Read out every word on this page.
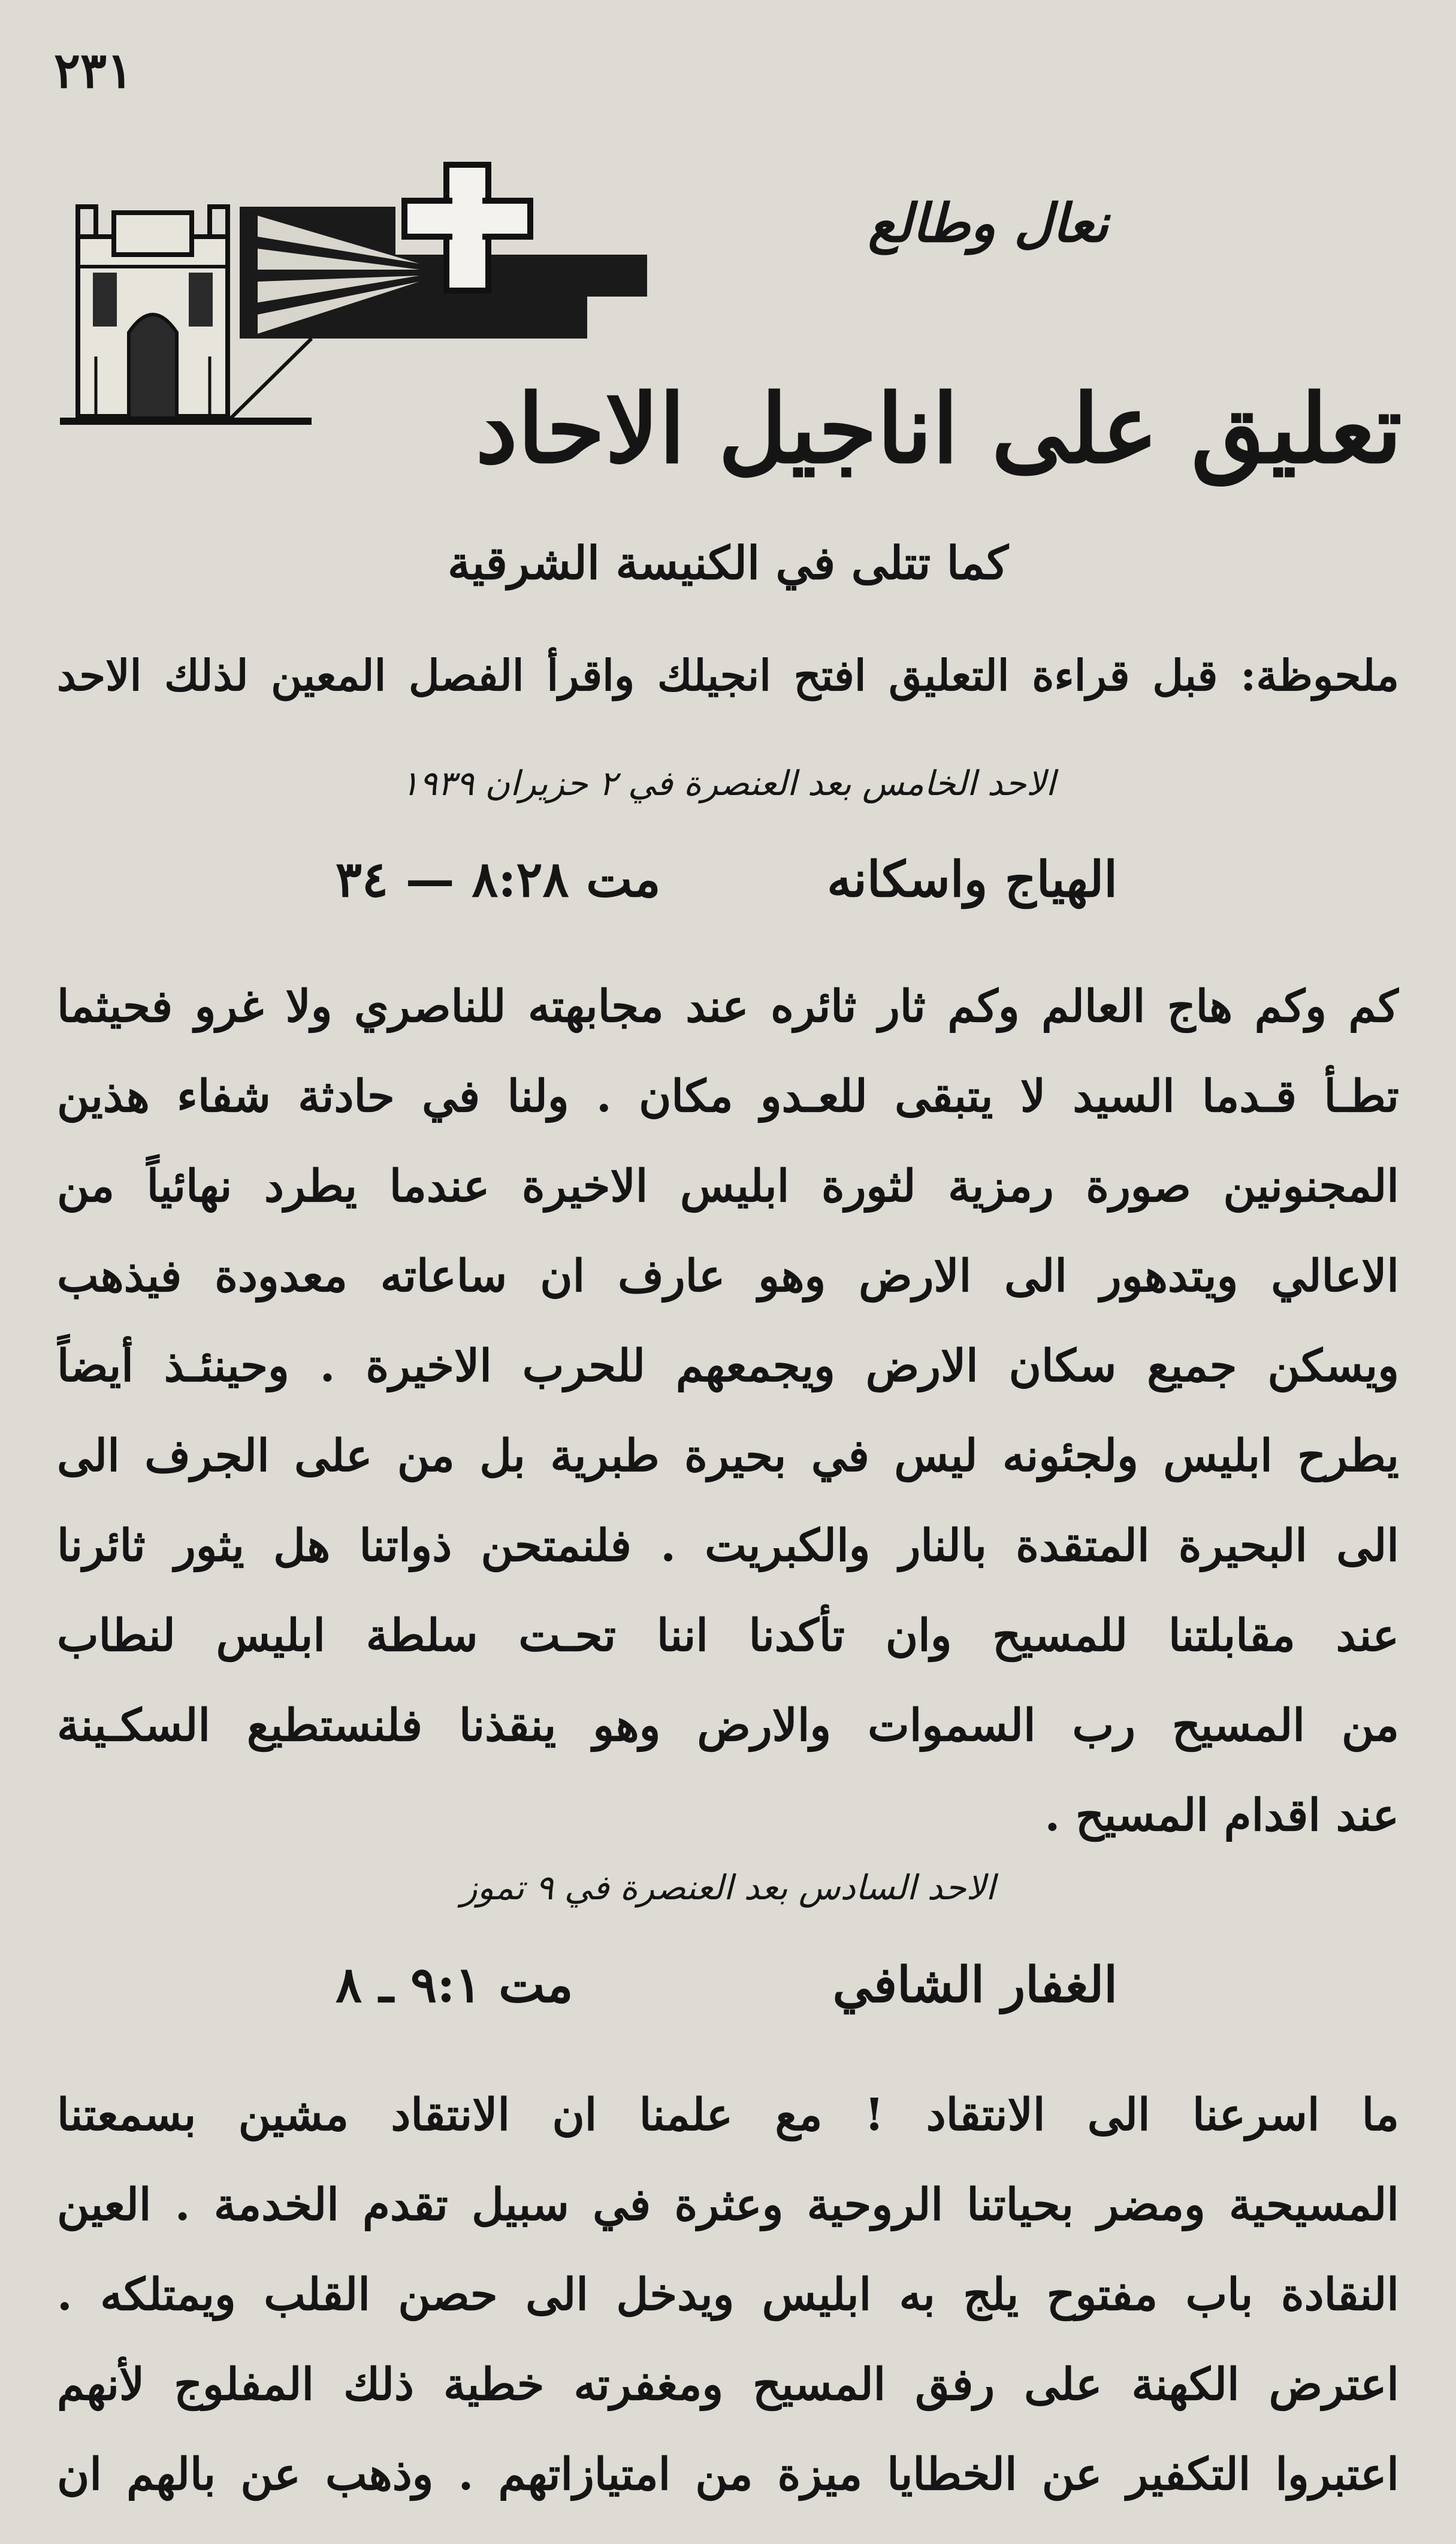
٢٣١
نعال وطالع
تعليق على اناجيل الاحاد
كما تتلى في الكنيسة الشرقية
ملحوظة: قبل قراءة التعليق افتح انجيلك واقرأ الفصل المعين لذلك الاحد
الاحد الخامس بعد العنصرة في ٢ حزيران ١٩٣٩
الهياج واسكانه
مت ٨:٢٨ — ٣٤
كم وكم هاج العالم وكم ثار ثائره عند مجابهته للناصري ولا غرو فحيثما
تطـأ قـدما السيد لا يتبقى للعـدو مكان . ولنا في حادثة شفاء هذين
المجنونين صورة رمزية لثورة ابليس الاخيرة عندما يطرد نهائياً من
الاعالي ويتدهور الى الارض وهو عارف ان ساعاته معدودة فيذهب
ويسكن جميع سكان الارض ويجمعهم للحرب الاخيرة . وحينئـذ أيضاً
يطرح ابليس ولجئونه ليس في بحيرة طبرية بل من على الجرف الى
الى البحيرة المتقدة بالنار والكبريت . فلنمتحن ذواتنا هل يثور ثائرنا
عند مقابلتنا للمسيح وان تأكدنا اننا تحـت سلطة ابليس لنطاب
من المسيح رب السموات والارض وهو ينقذنا فلنستطيع السكـينة
عند اقدام المسيح .
الاحد السادس بعد العنصرة في ٩ تموز
الغفار الشافي
مت ٩:١ ـ ٨
ما اسرعنا الى الانتقاد ! مع علمنا ان الانتقاد مشين بسمعتنا
المسيحية ومضر بحياتنا الروحية وعثرة في سبيل تقدم الخدمة . العين
النقادة باب مفتوح يلج به ابليس ويدخل الى حصن القلب ويمتلكه .
اعترض الكهنة على رفق المسيح ومغفرته خطية ذلك المفلوج لأنهم
اعتبروا التكفير عن الخطايا ميزة من امتيازاتهم . وذهب عن بالهم ان
